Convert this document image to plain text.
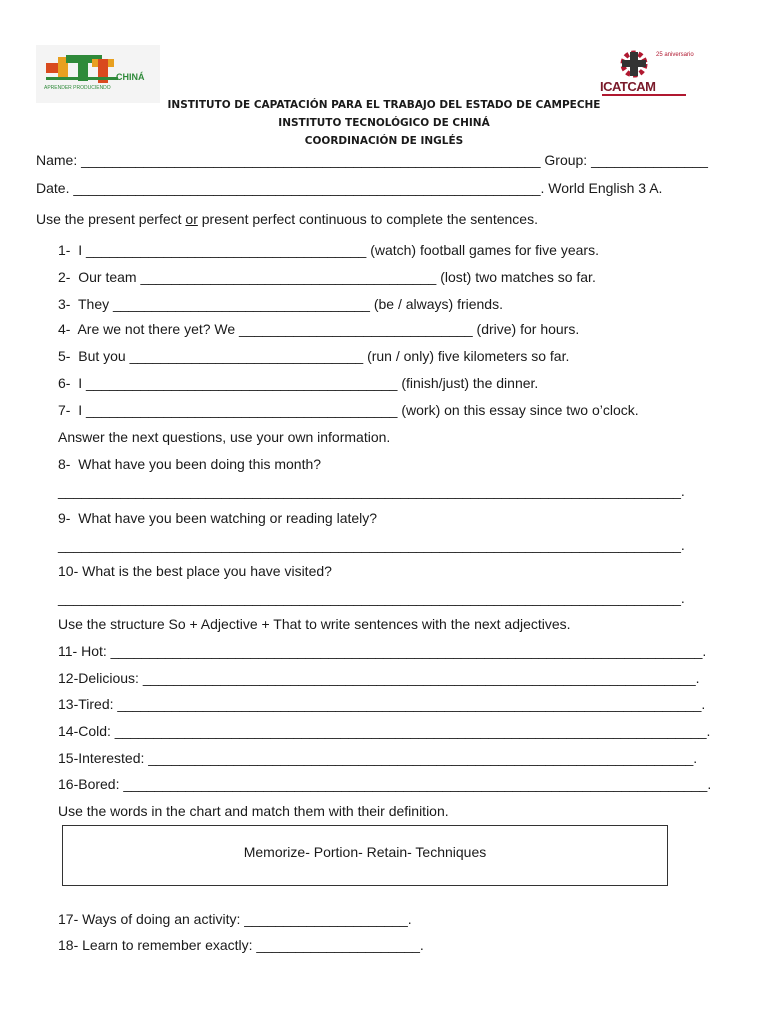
CHINÁ
APRENDER PRODUCIENDO	ICATCAM
25 aniversario
INSTITUTO DE CAPATACIÓN PARA EL TRABAJO DEL ESTADO DE CAMPECHE
INSTITUTO TECNOLÓGICO DE CHINÁ
COORDINACIÓN DE INGLÉS
Name: ___________________________________________________________ Group: _______________
Date. ____________________________________________________________. World English 3 A.
Use the present perfect or present perfect continuous to complete the sentences.
1-  I ____________________________________ (watch) football games for five years.
2-  Our team ______________________________________ (lost) two matches so far.
3-  They _________________________________ (be / always) friends.
4-  Are we not there yet? We ______________________________ (drive) for hours.
5-  But you ______________________________ (run / only) five kilometers so far.
6-  I ________________________________________ (finish/just) the dinner.
7-  I ________________________________________ (work) on this essay since two o’clock.
Answer the next questions, use your own information.
8-  What have you been doing this month?
________________________________________________________________________________.
9-  What have you been watching or reading lately?
________________________________________________________________________________.
10- What is the best place you have visited?
________________________________________________________________________________.
Use the structure So + Adjective + That to write sentences with the next adjectives.
11- Hot: ____________________________________________________________________________.
12-Delicious: _______________________________________________________________________.
13-Tired: ___________________________________________________________________________.
14-Cold: ____________________________________________________________________________.
15-Interested: ______________________________________________________________________.
16-Bored: ___________________________________________________________________________.
Use the words in the chart and match them with their definition.
Memorize- Portion- Retain- Techniques
17- Ways of doing an activity: _____________________.
18- Learn to remember exactly: _____________________.
